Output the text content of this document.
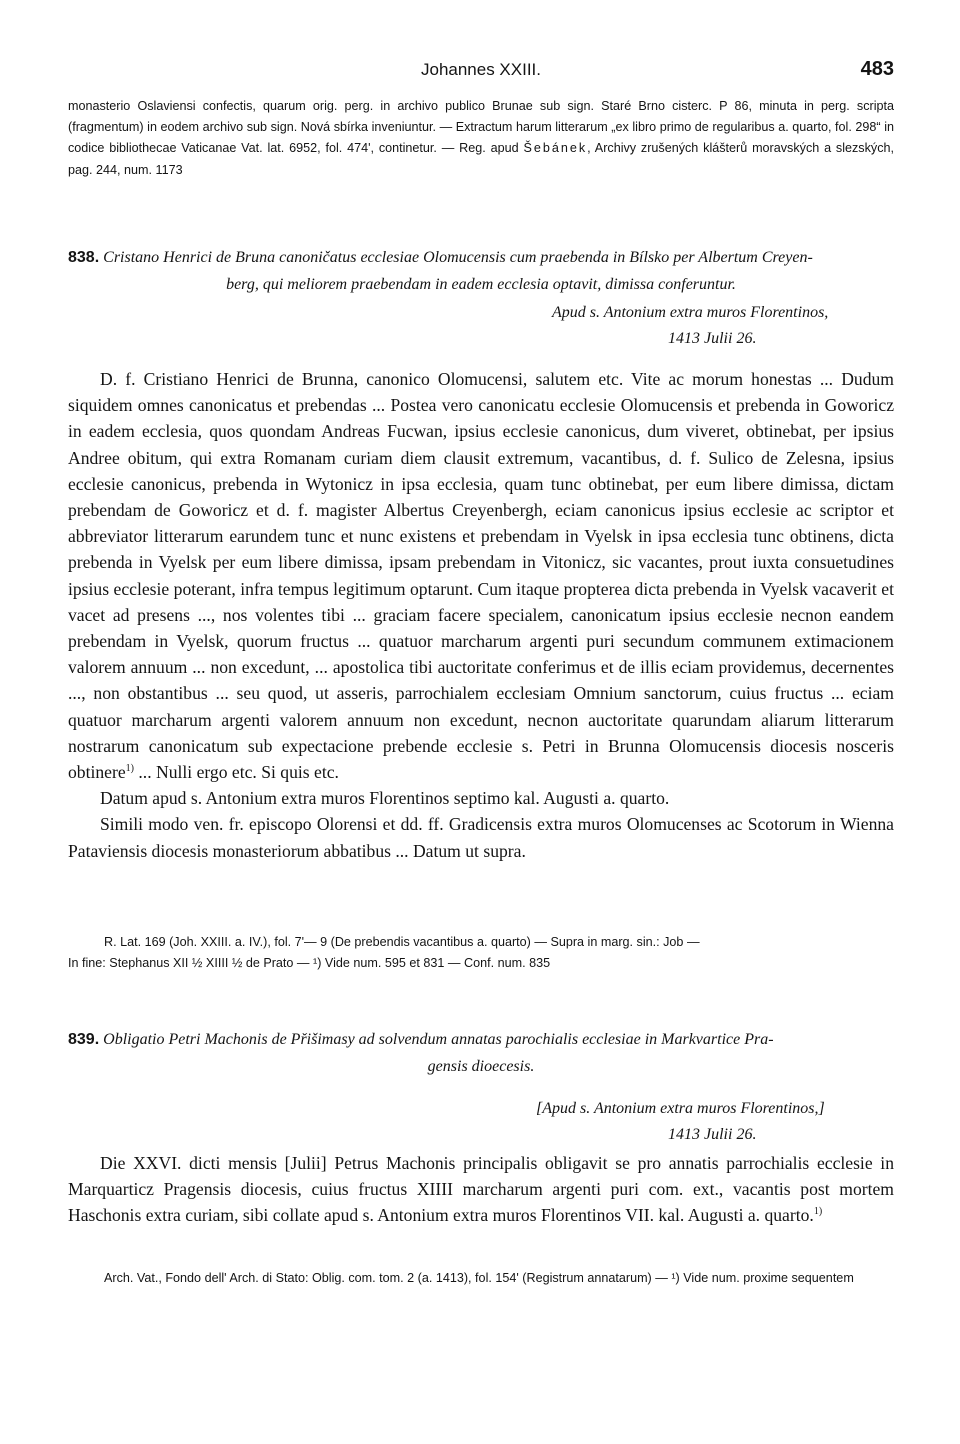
Johannes XXIII.	483

monasterio Oslaviensi confectis, quarum orig. perg. in archivo publico Brunae sub sign. Staré Brno cisterc. P 86, minuta in perg. scripta (fragmentum) in eodem archivo sub sign. Nová sbírka inveniuntur. — Extractum harum litterarum „ex libro primo de regularibus a. quarto, fol. 298“ in codice bibliothecae Vaticanae Vat. lat. 6952, fol. 474', continetur. — Reg. apud Šebánek, Archivy zrušených klášterů moravských a slezských, pag. 244, num. 1173

838. Cristano Henrici de Bruna canoničatus ecclesiae Olomucensis cum praebenda in Bílsko per Albertum Creyen-
berg, qui meliorem praebendam in eadem ecclesia optavit, dimissa conferuntur.
Apud s. Antonium extra muros Florentinos,
1413 Julii 26.

D. f. Cristiano Henrici de Brunna, canonico Olomucensi, salutem etc. Vite ac morum honestas ... Dudum siquidem omnes canonicatus et prebendas ... Postea vero canonicatu ecclesie Olomucensis et prebenda in Goworicz in eadem ecclesia, quos quondam Andreas Fucwan, ipsius ecclesie canonicus, dum viveret, obtinebat, per ipsius Andree obitum, qui extra Romanam curiam diem clausit extremum, vacantibus, d. f. Sulico de Zelesna, ipsius ecclesie canonicus, prebenda in Wytonicz in ipsa ecclesia, quam tunc obtinebat, per eum libere dimissa, dictam prebendam de Goworicz et d. f. magister Albertus Creyenbergh, eciam canonicus ipsius ecclesie ac scriptor et abbreviator litterarum earundem tunc et nunc existens et prebendam in Vyelsk in ipsa ecclesia tunc obtinens, dicta prebenda in Vyelsk per eum libere dimissa, ipsam prebendam in Vitonicz, sic vacantes, prout iuxta consuetudines ipsius ecclesie poterant, infra tempus legitimum optarunt. Cum itaque propterea dicta prebenda in Vyelsk vacaverit et vacet ad presens ..., nos volentes tibi ... graciam facere specialem, canonicatum ipsius ecclesie necnon eandem prebendam in Vyelsk, quorum fructus ... quatuor marcharum argenti puri secundum communem extimacionem valorem annuum ... non excedunt, ... apostolica tibi auctoritate conferimus et de illis eciam providemus, decernentes ..., non obstantibus ... seu quod, ut asseris, parrochialem ecclesiam Omnium sanctorum, cuius fructus ... eciam quatuor marcharum argenti valorem annuum non excedunt, necnon auctoritate quarundam aliarum litterarum nostrarum canonicatum sub expectacione prebende ecclesie s. Petri in Brunna Olomucensis diocesis nosceris obtinere$^{1)}$ ... Nulli ergo etc. Si quis etc.

Datum apud s. Antonium extra muros Florentinos septimo kal. Augusti a. quarto.

Simili modo ven. fr. episcopo Olorensi et dd. ff. Gradicensis extra muros Olomucenses ac Scotorum in Wienna Pataviensis diocesis monasteriorum abbatibus ... Datum ut supra.

R. Lat. 169 (Joh. XXIII. a. IV.), fol. 7'— 9 (De prebendis vacantibus a. quarto) — Supra in marg. sin.: Job —

In fine: Stephanus XII ½ XIIII ½ de Prato — ¹) Vide num. 595 et 831 — Conf. num. 835

839. Obligatio Petri Machonis de Přišimasy ad solvendum annatas parochialis ecclesiae in Markvartice Pra-
gensis dioecesis.
[Apud s. Antonium extra muros Florentinos,]
1413 Julii 26.

Die XXVI. dicti mensis [Julii] Petrus Machonis principalis obligavit se pro annatis parrochialis ecclesie in Marquarticz Pragensis diocesis, cuius fructus XIIII marcharum argenti puri com. ext., vacantis post mortem Haschonis extra curiam, sibi collate apud s. Antonium extra muros Florentinos VII. kal. Augusti a. quarto.$^{1)}$

Arch. Vat., Fondo dell' Arch. di Stato: Oblig. com. tom. 2 (a. 1413), fol. 154' (Registrum annatarum) — ¹) Vide num. proxime sequentem
